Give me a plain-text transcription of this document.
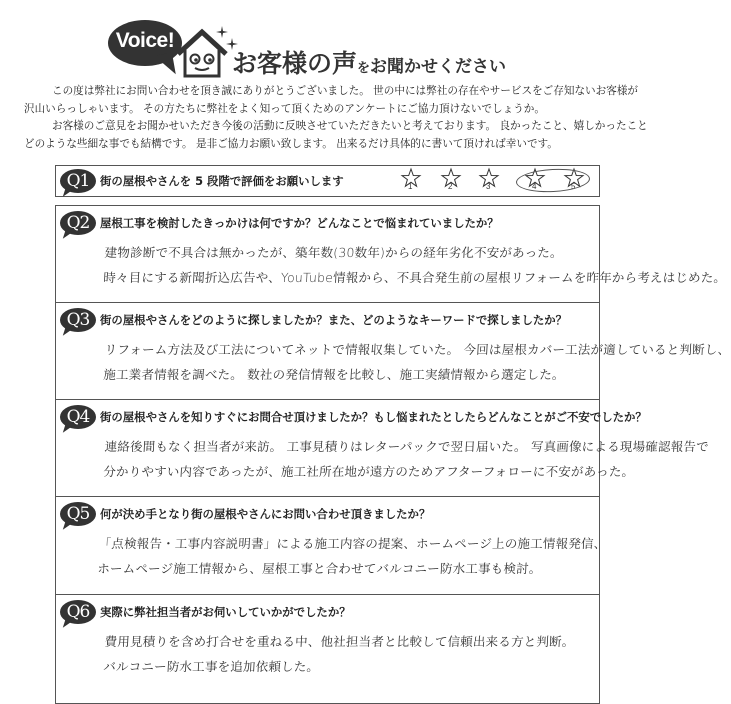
Voice!
お客様の声をお聞かせください

この度は弊社にお問い合わせを頂き誠にありがとうございました。 世の中には弊社の存在やサービスをご存知ないお客様が

沢山いらっしゃいます。 その方たちに弊社をよく知って頂くためのアンケートにご協力頂けないでしょうか。

お客様のご意見をお聞かせいただき今後の活動に反映させていただきたいと考えております。 良かったこと、嬉しかったこと

どのような些細な事でも結構です。 是非ご協力お願い致します。 出来るだけ具体的に書いて頂ければ幸いです。

Q1 街の屋根やさんを 5 段階で評価をお願いします	1	2	3	4	5
Q2 屋根工事を検討したきっかけは何ですか？どんなことで悩まれていましたか？
建物診断で不具合は無かったが、築年数(30数年)からの経年劣化不安があった。
時々目にする新聞折込広告や、YouTube情報から、不具合発生前の屋根リフォームを昨年から考えはじめた。
Q3 街の屋根やさんをどのように探しましたか？また、どのようなキーワードで探しましたか？
リフォーム方法及び工法についてネットで情報収集していた。 今回は屋根カバー工法が適していると判断し、
施工業者情報を調べた。 数社の発信情報を比較し、施工実績情報から選定した。
Q4 街の屋根やさんを知りすぐにお問合せ頂けましたか？もし悩まれたとしたらどんなことがご不安でしたか？
連絡後間もなく担当者が来訪。 工事見積りはレターパックで翌日届いた。 写真画像による現場確認報告で
分かりやすい内容であったが、施工社所在地が遠方のためアフターフォローに不安があった。
Q5 何が決め手となり街の屋根やさんにお問い合わせ頂きましたか？
「点検報告・工事内容説明書」による施工内容の提案、ホームページ上の施工情報発信、
ホームページ施工情報から、屋根工事と合わせてバルコニー防水工事も検討。
Q6 実際に弊社担当者がお伺いしていかがでしたか？
費用見積りを含め打合せを重ねる中、他社担当者と比較して信頼出来る方と判断。
バルコニー防水工事を追加依頼した。
